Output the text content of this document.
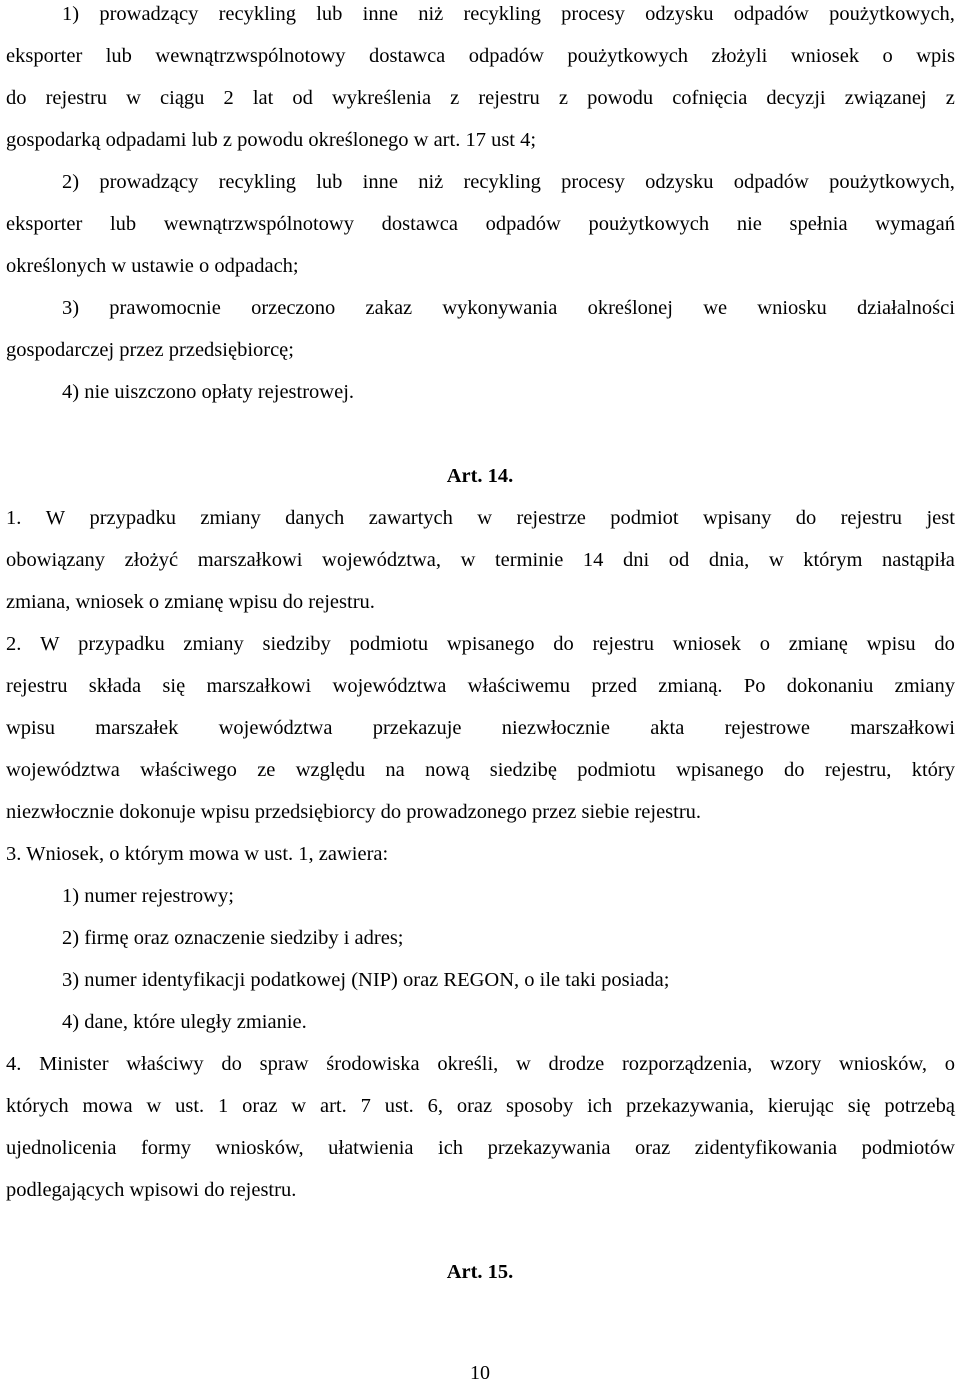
1) prowadzący recykling lub inne niż recykling procesy odzysku odpadów poużytkowych,
eksporter lub wewnątrzwspólnotowy dostawca odpadów poużytkowych złożyli wniosek o wpis
do rejestru w ciągu 2 lat od wykreślenia z rejestru z powodu cofnięcia decyzji związanej z
gospodarką odpadami lub z powodu określonego w art. 17 ust 4;
2) prowadzący recykling lub inne niż recykling procesy odzysku odpadów poużytkowych,
eksporter lub wewnątrzwspólnotowy dostawca odpadów poużytkowych nie spełnia wymagań
określonych w ustawie o odpadach;
3) prawomocnie orzeczono zakaz wykonywania określonej we wniosku działalności
gospodarczej przez przedsiębiorcę;
4) nie uiszczono opłaty rejestrowej.
Art. 14.
1. W przypadku zmiany danych zawartych w rejestrze podmiot wpisany do rejestru jest
obowiązany złożyć marszałkowi województwa, w terminie 14 dni od dnia, w którym nastąpiła
zmiana, wniosek o zmianę wpisu do rejestru.
2. W przypadku zmiany siedziby podmiotu wpisanego do rejestru wniosek o zmianę wpisu do
rejestru składa się marszałkowi województwa właściwemu przed zmianą. Po dokonaniu zmiany
wpisu marszałek województwa przekazuje niezwłocznie akta rejestrowe marszałkowi
województwa właściwego ze względu na nową siedzibę podmiotu wpisanego do rejestru, który
niezwłocznie dokonuje wpisu przedsiębiorcy do prowadzonego przez siebie rejestru.
3. Wniosek, o którym mowa w ust. 1, zawiera:
1) numer rejestrowy;
2) firmę oraz oznaczenie siedziby i adres;
3) numer identyfikacji podatkowej (NIP) oraz REGON, o ile taki posiada;
4) dane, które uległy zmianie.
4. Minister właściwy do spraw środowiska określi, w drodze rozporządzenia, wzory wniosków, o
których mowa w ust. 1 oraz w art. 7 ust. 6, oraz sposoby ich przekazywania, kierując się potrzebą
ujednolicenia formy wniosków, ułatwienia ich przekazywania oraz zidentyfikowania podmiotów
podlegających wpisowi do rejestru.
Art. 15.
10
